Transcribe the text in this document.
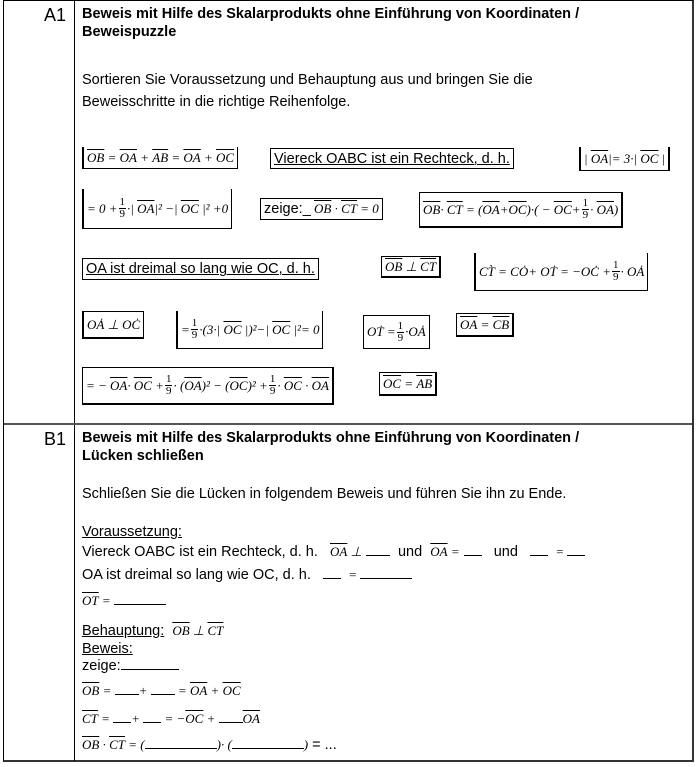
A1	Beweis mit Hilfe des Skalarprodukts ohne Einführung von Koordinaten /
Beweispuzzle
Sortieren Sie Voraussetzung und Behauptung aus und bringen Sie die
Beweisschritte in die richtige Reihenfolge.
$\overline{OB} = \overline{OA} + \overline{AB} = \overline{OA} + \overline{OC}$	Viereck OABC ist ein Rechteck, d. h.	| $\overline{OA}$ |= 3·| $\overline{OC}$ |
= $0 + \frac{1}{9}$ ·| $\overline{OA}$ |² −| $\overline{OC}$ |² +0 zeige:_
$\overline{OB} \cdot \overline{CT} = 0$	$\overline{OB} \cdot \overline{CT}$ = ( $\overline{OA} + \overline{OC}$ )·( − $\overline{OC} + \frac{1}{9} \cdot \overline{OA}$ )
OA ist dreimal so lang wie OC, d. h.	$\overline{OB}$ ⊥ $\overline{CT}$	CT̀ = CȮ+ OṪ = −OĊ + $\frac{1}{9}$ · OȦ
OȦ ⊥ OĊ	= $\frac{1}{9} \cdot(3\cdot|$ $\overline{OC}$ |)²−| $\overline{OC}$ |²= 0	OṪ = $\frac{1}{9}$ ·OȦ	$\overline{OA} = \overline{CB}$
= − $\overline{OA} \cdot \overline{OC} + \frac{1}{9}$ · ( $\overline{OA}$ )² − ( $\overline{OC}$ )$^2 + \frac{1}{9} \cdot \overline{OC} \cdot \overline{OA}$	$\overline{OC} = \overline{AB}$
B1	Beweis mit Hilfe des Skalarprodukts ohne Einführung von Koordinaten /
Lücken schließen
Schließen Sie die Lücken in folgendem Beweis und führen Sie ihn zu Ende.
Voraussetzung:
Viereck OABC ist ein Rechteck, d. h. $\overline{OA}$ ⊥ und $\overline{OA}$ = und	=
OA ist dreimal so lang wie OC, d. h.	=
$\overline{OT}$ =
Behauptung: $\overline{OB}$ ⊥ $\overline{CT}$
Beweis:
zeige:
$\overline{OB}$ = +  = $\overline{OA} + \overline{OC}$
$\overline{CT}$ = +  = $-\overline{OC} + \overline{OA}$
$\overline{OB} \cdot \overline{CT}$ = (	)· (	) = ...
